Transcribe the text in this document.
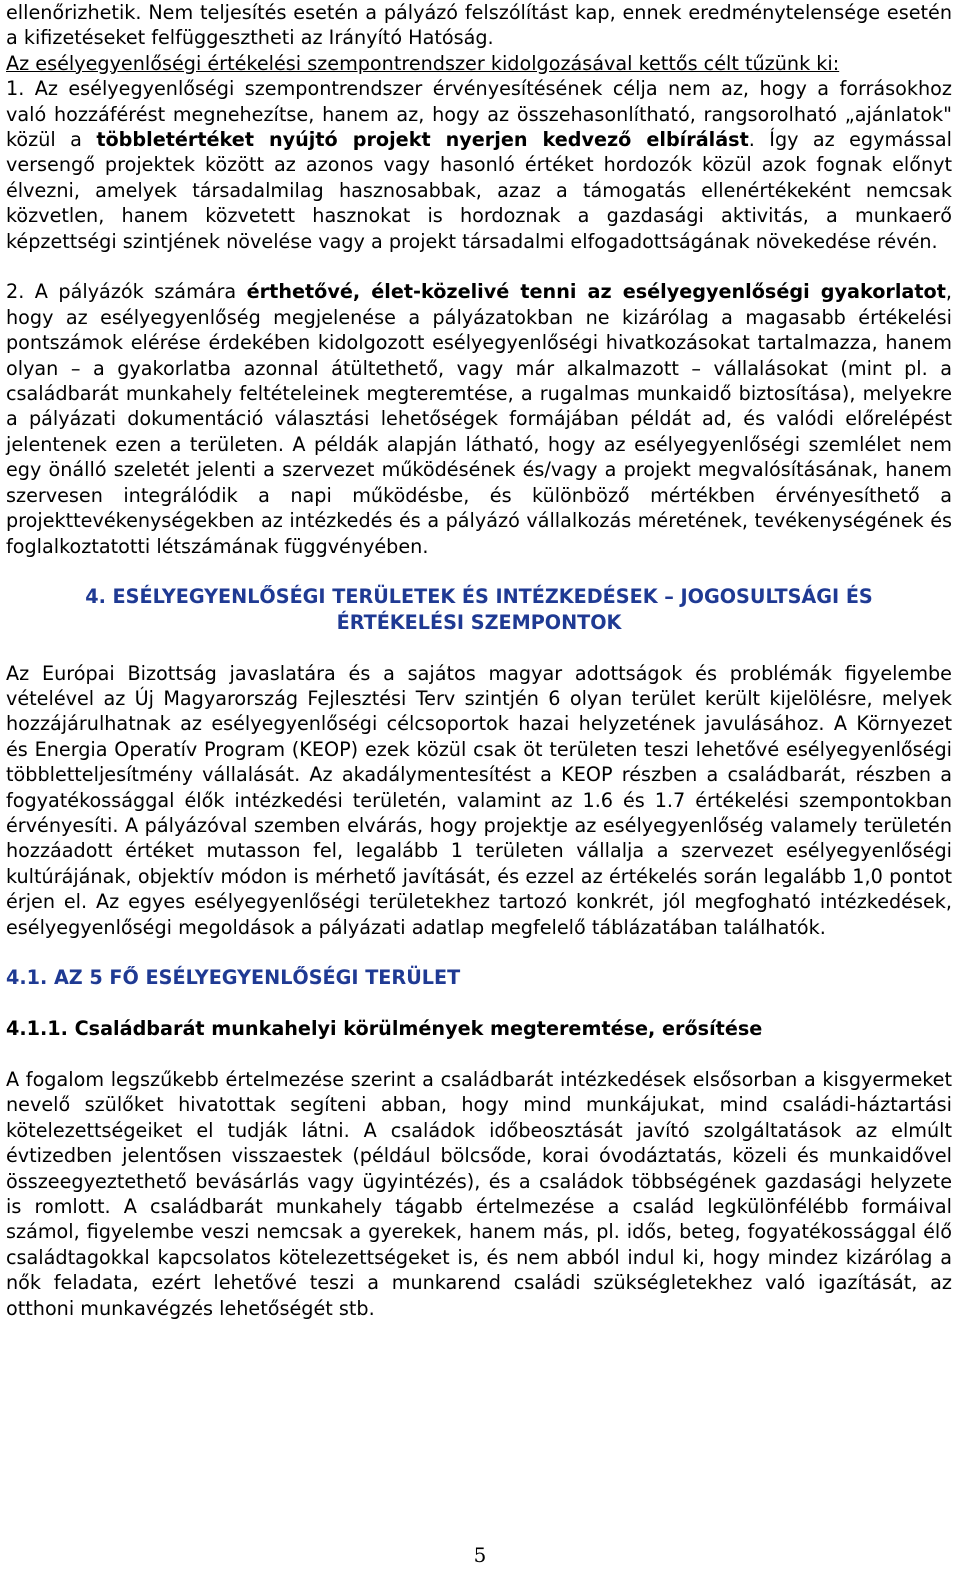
ellenőrizhetik. Nem teljesítés esetén a pályázó felszólítást kap, ennek eredménytelensége esetén a kifizetéseket felfüggesztheti az Irányító Hatóság.

Az esélyegyenlőségi értékelési szempontrendszer kidolgozásával kettős célt tűzünk ki:

1. Az esélyegyenlőségi szempontrendszer érvényesítésének célja nem az, hogy a forrásokhoz való hozzáférést megnehezítse, hanem az, hogy az összehasonlítható, rangsorolható „ajánlatok" közül a többletértéket nyújtó projekt nyerjen kedvező elbírálást. Így az egymással versengő projektek között az azonos vagy hasonló értéket hordozók közül azok fognak előnyt élvezni, amelyek társadalmilag hasznosabbak, azaz a támogatás ellenértékeként nemcsak közvetlen, hanem közvetett hasznokat is hordoznak a gazdasági aktivitás, a munkaerő képzettségi szintjének növelése vagy a projekt társadalmi elfogadottságának növekedése révén.

2. A pályázók számára érthetővé, élet-közelivé tenni az esélyegyenlőségi gyakorlatot, hogy az esélyegyenlőség megjelenése a pályázatokban ne kizárólag a magasabb értékelési pontszámok elérése érdekében kidolgozott esélyegyenlőségi hivatkozásokat tartalmazza, hanem olyan – a gyakorlatba azonnal átültethető, vagy már alkalmazott – vállalásokat (mint pl. a családbarát munkahely feltételeinek megteremtése, a rugalmas munkaidő biztosítása), melyekre a pályázati dokumentáció választási lehetőségek formájában példát ad, és valódi előrelépést jelentenek ezen a területen. A példák alapján látható, hogy az esélyegyenlőségi szemlélet nem egy önálló szeletét jelenti a szervezet működésének és/vagy a projekt megvalósításának, hanem szervesen integrálódik a napi működésbe, és különböző mértékben érvényesíthető a projekttevékenységekben az intézkedés és a pályázó vállalkozás méretének, tevékenységének és foglalkoztatotti létszámának függvényében.

4. ESÉLYEGYENLŐSÉGI TERÜLETEK ÉS INTÉZKEDÉSEK – JOGOSULTSÁGI ÉS ÉRTÉKELÉSI SZEMPONTOK

Az Európai Bizottság javaslatára és a sajátos magyar adottságok és problémák figyelembe vételével az Új Magyarország Fejlesztési Terv szintjén 6 olyan terület került kijelölésre, melyek hozzájárulhatnak az esélyegyenlőségi célcsoportok hazai helyzetének javulásához. A Környezet és Energia Operatív Program (KEOP) ezek közül csak öt területen teszi lehetővé esélyegyenlőségi többletteljesítmény vállalását. Az akadálymentesítést a KEOP részben a családbarát, részben a fogyatékossággal élők intézkedési területén, valamint az 1.6 és 1.7 értékelési szempontokban érvényesíti. A pályázóval szemben elvárás, hogy projektje az esélyegyenlőség valamely területén hozzáadott értéket mutasson fel, legalább 1 területen vállalja a szervezet esélyegyenlőségi kultúrájának, objektív módon is mérhető javítását, és ezzel az értékelés során legalább 1,0 pontot érjen el. Az egyes esélyegyenlőségi területekhez tartozó konkrét, jól megfogható intézkedések, esélyegyenlőségi megoldások a pályázati adatlap megfelelő táblázatában találhatók.

4.1. AZ 5 FŐ ESÉLYEGYENLŐSÉGI TERÜLET

4.1.1. Családbarát munkahelyi körülmények megteremtése, erősítése

A fogalom legszűkebb értelmezése szerint a családbarát intézkedések elsősorban a kisgyermeket nevelő szülőket hivatottak segíteni abban, hogy mind munkájukat, mind családi-háztartási kötelezettségeiket el tudják látni. A családok időbeosztását javító szolgáltatások az elmúlt évtizedben jelentősen visszaestek (például bölcsőde, korai óvodáztatás, közeli és munkaidővel összeegyeztethető bevásárlás vagy ügyintézés), és a családok többségének gazdasági helyzete is romlott. A családbarát munkahely tágabb értelmezése a család legkülönfélébb formáival számol, figyelembe veszi nemcsak a gyerekek, hanem más, pl. idős, beteg, fogyatékossággal élő családtagokkal kapcsolatos kötelezettségeket is, és nem abból indul ki, hogy mindez kizárólag a nők feladata, ezért lehetővé teszi a munkarend családi szükségletekhez való igazítását, az otthoni munkavégzés lehetőségét stb.

5
